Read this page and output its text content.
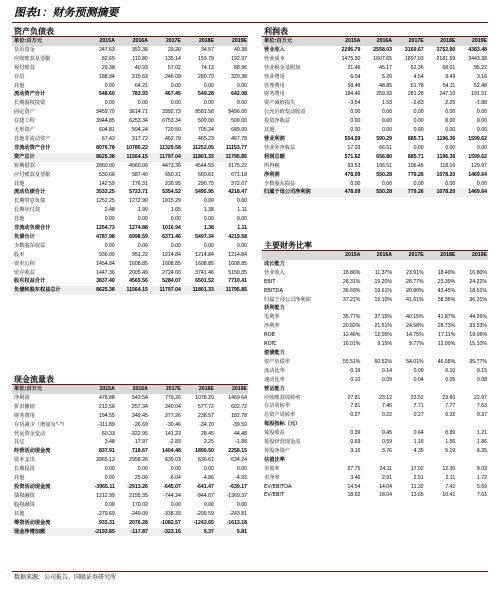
图表1：财务预测摘要
资产负债表
单位:百万元	2015A	2016A	2017E	2018E	2019E
货币资金	247.63	352.36	29.20	34.57	40.38
应收账款及票据	82.65	110.80	135.14	159.79	192.37
预付账款	29.38	40.93	57.02	74.13	88.96
存货	188.94	215.63	246.09	280.79	320.38
其他	0.00	64.21	0.00	0.00	0.00
流动资产合计	548.60	783.93	467.45	549.28	642.08
长期股权投资	0.00	0.00	0.00	0.00	0.00
固定资产	3459.70	3614.71	3392.73	9581.58	9496.00
在建工程	3944.85	6253.34	6753.34	500.00	500.00
无形资产	604.81	594.24	720.50	705.24	689.99
其他非流动资产	67.42	317.72	462.79	465.23	467.78
非流动资产合计	8076.78	10780.22	11329.58	11252.05	11153.77
资产总计	8625.38	11564.15	11797.04	11801.33	11795.85
短期借款	2860.00	4960.00	4473.36	4544.59	3175.22
应付账款及票据	530.66	587.40	650.21	660.61	671.18
其他	142.59	176.31	230.95	290.75	372.07
流动负债合计	3533.25	5723.71	5354.52	5495.95	4218.47
长期带息负债	1252.25	1272.90	1015.29	0.00	0.00
长期应付款	2.48	1.99	1.65	1.38	1.11
其他	0.00	0.00	0.00	0.00	0.00
非流动负债合计	1254.73	1274.88	1016.94	1.38	1.11
负债合计	4787.98	6998.59	6371.46	5497.34	4219.58
少数股东权益	0.00	0.00	0.00	0.00	0.00
股本	936.00	951.22	1214.84	1214.84	1214.84
资本公积	1454.04	1608.85	1608.85	1608.85	1608.85
留存收益	1447.36	2005.49	2724.00	3741.46	5150.35
股东权益合计	3837.40	4565.56	5284.07	6501.52	7710.41
负债和股东权益总计	8625.38	11564.15	11797.04	11801.33	11795.85
现金流量表
单位:百万元	2015A	2016A	2017E	2018E	2019E
净利润	478.88	543.54	779.26	1078.20	1469.64
折旧摊销	212.56	257.34	240.04	577.72	602.72
财务费用	194.55	249.45	277.26	238.57	182.78
存货减少（增加为"-"）	-111.89	-26.69	-30.46	-34.70	-39.59
营运资金变动	60.33	-322.95	141.23	28.45	44.48
其它	3.48	17.97	-2.83	2.25	-1.88
经营活动现金流	837.91	718.67	1404.48	1890.50	2258.15
资本支出	3965.12	2958.26	639.03	636.61	634.24
长期投资	0.00	0.00	0.00	0.00	0.00
其他	0.00	25.00	-6.04	-4.86	-4.93
投资活动现金流	-3965.11	-2913.26	-645.07	-641.47	-639.17
债权融资	1212.99	2155.35	-744.24	-944.07	-1369.37
股权融资	0.00	170.02	0.00	0.00	0.00
其他	-279.69	-249.09	-338.33	-299.59	-243.81
筹资活动现金流	933.31	2076.28	-1082.57	-1243.65	-1613.18
现金净增加额	-2193.85	-117.87	-323.16	5.37	5.81
利润表
单位:百万元	2015A	2016A	2017E	2018E	2019E
营业收入	2296.79	2558.03	3169.67	3752.90	4383.48
营业成本	1475.30	1607.65	1897.03	2181.59	2443.38
营业税金及附加	21.46	45.17	52.36	68.01	95.22
营业费用	6.04	5.20	4.54	3.49	3.16
管理费用	58.48	48.85	51.78	54.11	52.48
财务费用	184.46	259.33	281.28	247.10	191.51
资产减值损失	-3.54	1.53	-2.83	2.25	-1.88
公允价值变动收益	0.00	0.00	0.00	0.00	0.00
投资净收益	0.00	0.00	0.00	0.00	0.00
其他	0.00	0.00	0.00	0.00	0.00
营业利润	554.59	590.29	885.71	1196.36	1599.62
营业外净收益	17.03	66.51	0.00	0.00	0.00
利润总额	571.62	656.80	885.71	1196.36	1599.62
所得税	93.53	106.51	106.45	118.16	129.97
净利润	478.09	550.28	779.26	1078.20	1469.64
少数股东损益	0.00	0.00	0.00	0.00	0.00
归属于母公司净利润	478.09	550.28	779.26	1078.20	1469.64
主要财务比率
	2015A	2016A	2017E	2018E	2019E
成长能力					
营业收入	18.86%	11.37%	23.91%	18.40%	16.80%
EBIT	28.31%	19.20%	28.77%	23.39%	24.22%
EBITDA	36.69%	19.61%	20.90%	43.45%	18.51%
归属于母公司净利润	37.21%	15.10%	41.61%	38.36%	36.31%
获利能力					
毛利率	35.77%	37.15%	40.15%	41.87%	44.26%
净利率	20.82%	21.51%	24.58%	28.73%	33.53%
ROE	12.46%	12.05%	14.75%	17.11%	19.06%
ROIC	16.01%	9.19%	9.77%	12.00%	15.10%
偿债能力					
资产负债率	55.51%	60.52%	54.01%	46.58%	35.77%
流动比率	0.16	0.14	0.09	0.10	0.15
速动比率	0.10	0.09	0.04	0.05	0.08
营运能力					
应收账款周转率	27.81	23.12	23.52	23.60	22.97
存货周转率	7.81	7.46	7.71	7.77	7.63
总资产周转率	0.27	0.22	0.27	0.32	0.37
每股指标（元）					
每股收益	0.39	0.45	0.64	0.89	1.21
每股经营现金流	0.69	0.59	1.16	1.56	1.86
每股净资产	3.16	3.76	4.35	5.19	6.35
估值比率					
市盈率	27.75	24.11	17.02	12.30	9.03
市净率	3.46	2.91	2.51	2.11	1.72
EV/EBITDA	14.54	14.04	11.32	7.42	5.69
EV/EBIT	18.62	18.04	13.65	10.41	7.61
数据来源：公司报告、国联证券研究所
